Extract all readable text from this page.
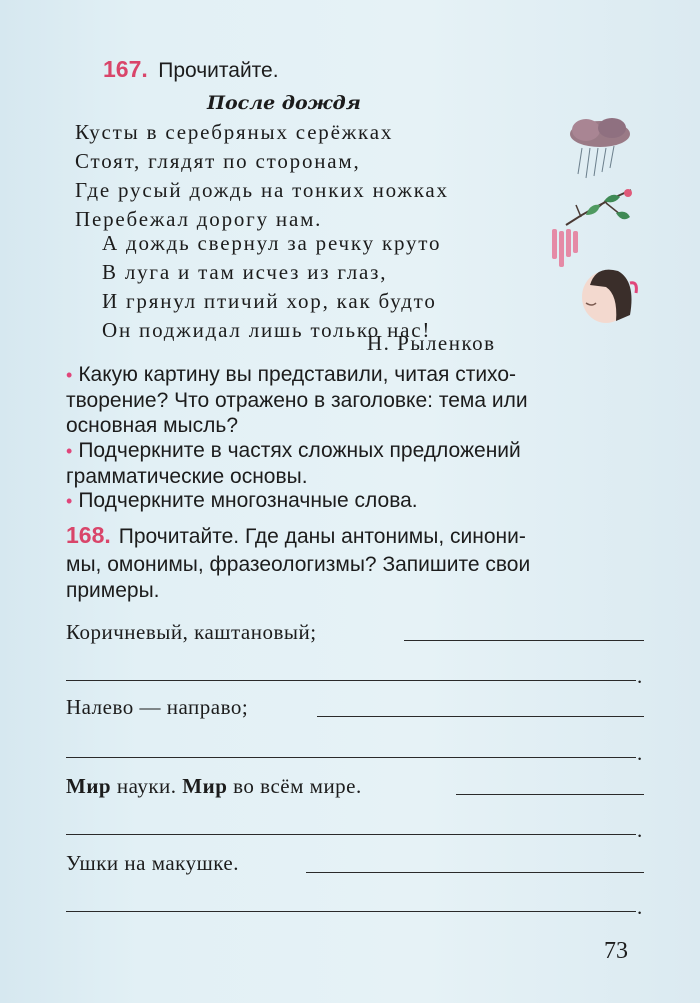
167. Прочитайте.
После дождя
Кусты в серебряных серёжках
Стоят, глядят по сторонам,
Где русый дождь на тонких ножках
Перебежал дорогу нам.
А дождь свернул за речку круто
В луга и там исчез из глаз,
И грянул птичий хор, как будто
Он поджидал лишь только нас!
Н. Рыленков
• Какую картину вы представили, читая стихо-
творение? Что отражено в заголовке: тема или
основная мысль?
• Подчеркните в частях сложных предложений
грамматические основы.
• Подчеркните многозначные слова.
168. Прочитайте. Где даны антонимы, синони-
мы, омонимы, фразеологизмы? Запишите свои
примеры.
Коричневый, каштановый;
.
Налево — направо;
.
Мир науки. Мир во всём мире.
.
Ушки на макушке.
.
73
